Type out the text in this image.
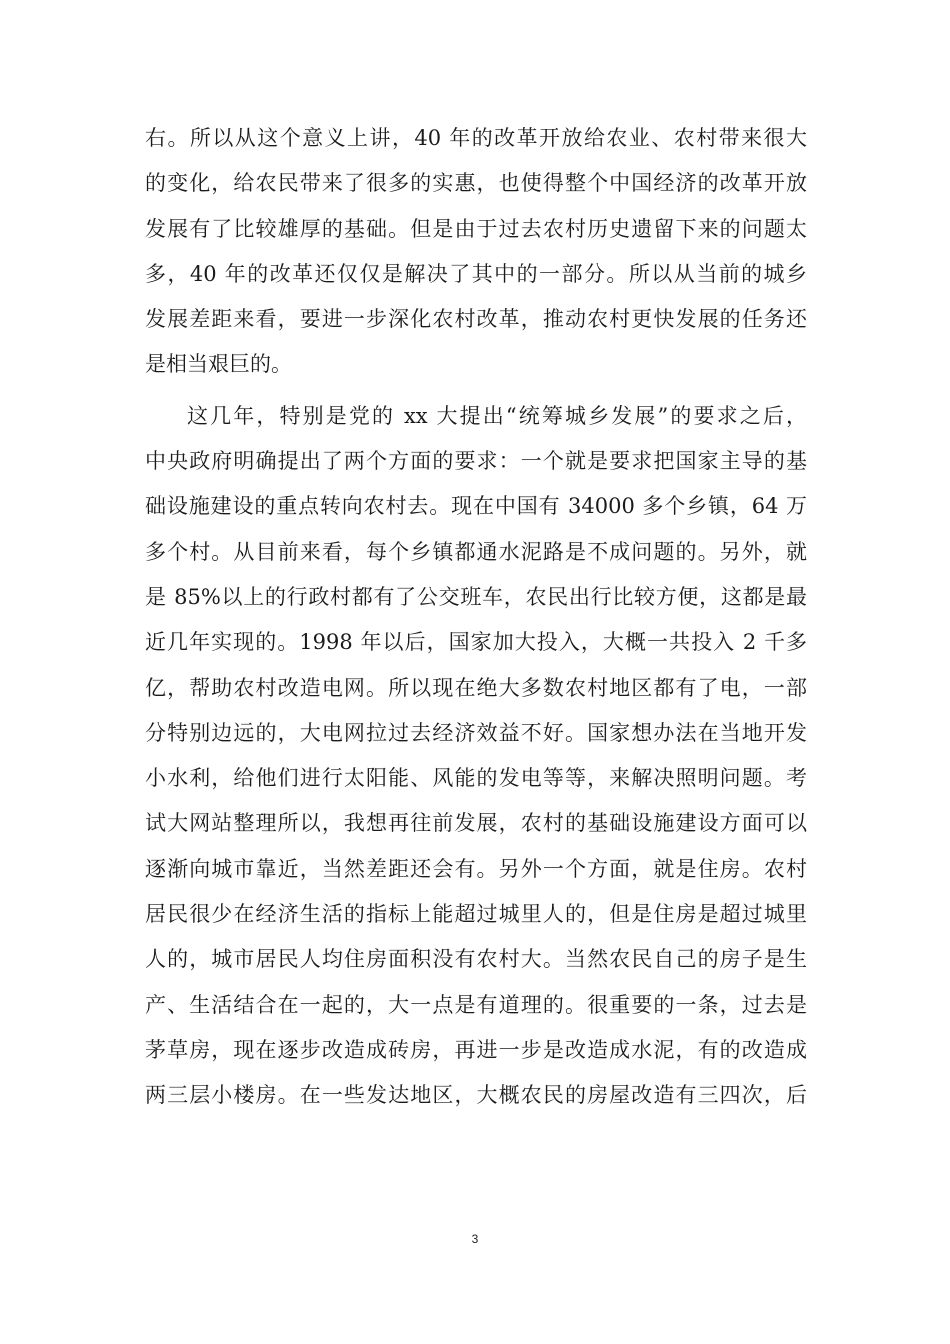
右。所以从这个意义上讲，40 年的改革开放给农业、农村带来很大
的变化，给农民带来了很多的实惠，也使得整个中国经济的改革开放
发展有了比较雄厚的基础。但是由于过去农村历史遗留下来的问题太
多，40 年的改革还仅仅是解决了其中的一部分。所以从当前的城乡
发展差距来看，要进一步深化农村改革，推动农村更快发展的任务还
是相当艰巨的。
这几年，特别是党的 xx 大提出“统筹城乡发展”的要求之后，
中央政府明确提出了两个方面的要求：一个就是要求把国家主导的基
础设施建设的重点转向农村去。现在中国有 34000 多个乡镇，64 万
多个村。从目前来看，每个乡镇都通水泥路是不成问题的。另外，就
是 85%以上的行政村都有了公交班车，农民出行比较方便，这都是最
近几年实现的。1998 年以后，国家加大投入，大概一共投入 2 千多
亿，帮助农村改造电网。所以现在绝大多数农村地区都有了电，一部
分特别边远的，大电网拉过去经济效益不好。国家想办法在当地开发
小水利，给他们进行太阳能、风能的发电等等，来解决照明问题。考
试大网站整理所以，我想再往前发展，农村的基础设施建设方面可以
逐渐向城市靠近，当然差距还会有。另外一个方面，就是住房。农村
居民很少在经济生活的指标上能超过城里人的，但是住房是超过城里
人的，城市居民人均住房面积没有农村大。当然农民自己的房子是生
产、生活结合在一起的，大一点是有道理的。很重要的一条，过去是
茅草房，现在逐步改造成砖房，再进一步是改造成水泥，有的改造成
两三层小楼房。在一些发达地区，大概农民的房屋改造有三四次，后
3
